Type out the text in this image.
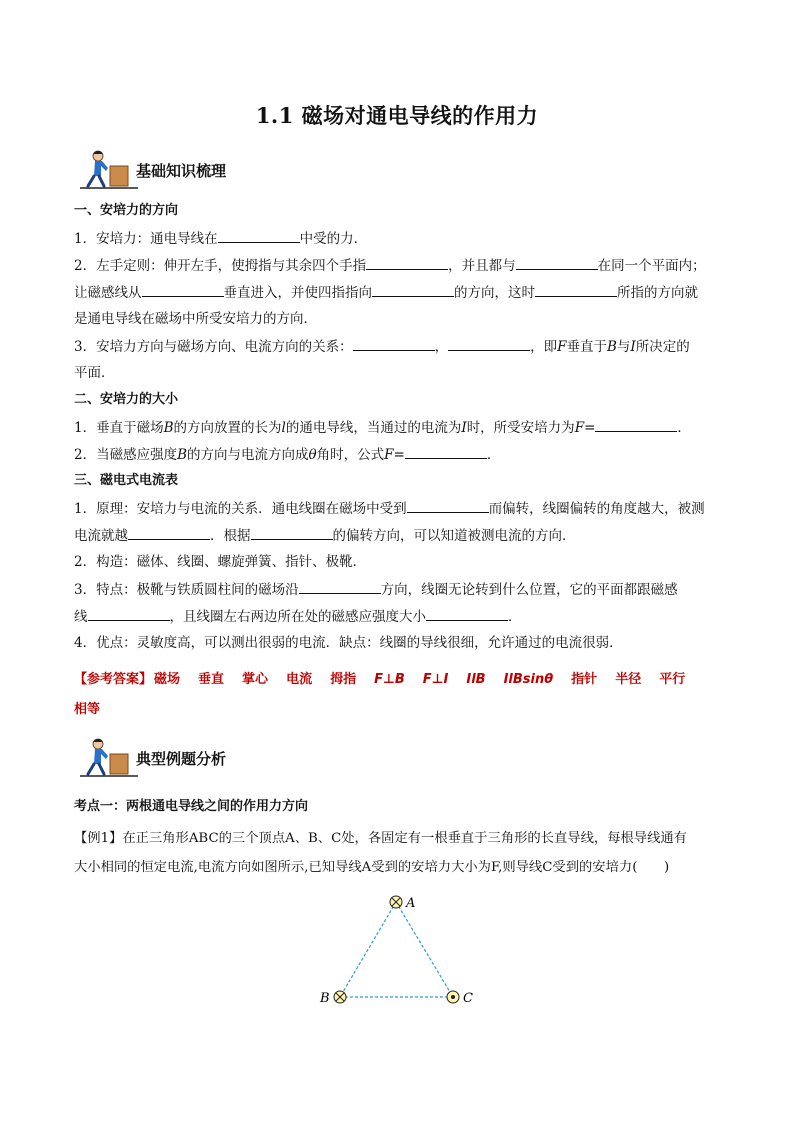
1.1 磁场对通电导线的作用力
基础知识梳理
一、安培力的方向
1．安培力：通电导线在	中受的力．
2．左手定则：伸开左手，使拇指与其余四个手指	，并且都与	在同一个平面内；
让磁感线从	垂直进入，并使四指指向	的方向，这时	所指的方向就
是通电导线在磁场中所受安培力的方向．
3．安培力方向与磁场方向、电流方向的关系：	，	，即F垂直于B与I所决定的
平面．
二、安培力的大小
1．垂直于磁场B的方向放置的长为l的通电导线，当通过的电流为I时，所受安培力为F=	．
2．当磁感应强度B的方向与电流方向成θ角时，公式F=	．
三、磁电式电流表
1．原理：安培力与电流的关系．通电线圈在磁场中受到	而偏转，线圈偏转的角度越大，被测
电流就越	．根据	的偏转方向，可以知道被测电流的方向．
2．构造：磁体、线圈、螺旋弹簧、指针、极靴．
3．特点：极靴与铁质圆柱间的磁场沿	方向，线圈无论转到什么位置，它的平面都跟磁感
线	，且线圈左右两边所在处的磁感应强度大小	．
4．优点：灵敏度高，可以测出很弱的电流．缺点：线圈的导线很细，允许通过的电流很弱．
【参考答案】 磁场 垂直 掌心 电流 拇指 F⊥B F⊥I IlB IlBsinθ 指针 半径 平行
相等
典型例题分析
考点一：两根通电导线之间的作用力方向
【例1】在正三角形ABC的三个顶点A、B、C处，各固定有一根垂直于三角形的长直导线，每根导线通有
大小相同的恒定电流,电流方向如图所示,已知导线A受到的安培力大小为F,则导线C受到的安培力(　　)
A
B	C
